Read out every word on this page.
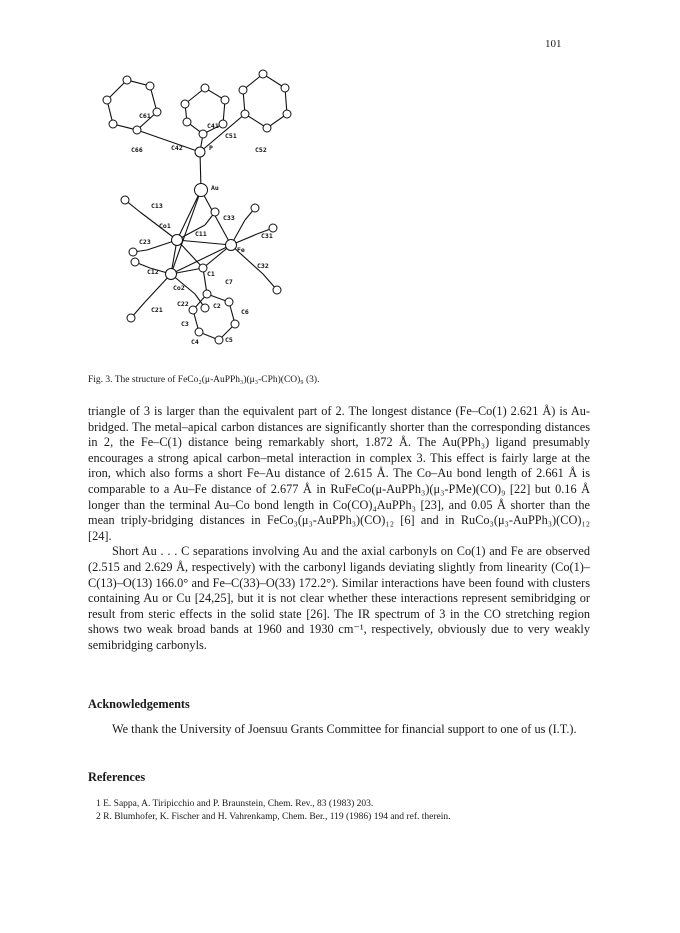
101
C61
C41
C51
C66	C42	P	C52
Au
C13
C33
Co1
C11	C31
C23
Fe
C12	C1
C32
C7
Co2
C21
C22	C2
C6
C3
C4	C5
Fig. 3. The structure of FeCo₂(μ-AuPPh₃)(μ₃-CPh)(CO)₉ (3).

triangle of 3 is larger than the equivalent part of 2. The longest distance (Fe–Co(1) 2.621 Å) is Au-bridged. The metal–apical carbon distances are significantly shorter than the corresponding distances in 2, the Fe–C(1) distance being remarkably short, 1.872 Å. The Au(PPh₃) ligand presumably encourages a strong apical carbon–metal interaction in complex 3. This effect is fairly large at the iron, which also forms a short Fe–Au distance of 2.615 Å. The Co–Au bond length of 2.661 Å is comparable to a Au–Fe distance of 2.677 Å in RuFeCo(μ-AuPPh₃)(μ₃-PMe)(CO)₉ [22] but 0.16 Å longer than the terminal Au–Co bond length in Co(CO)₄AuPPh₃ [23], and 0.05 Å shorter than the mean triply-bridging distances in FeCo₃(μ₃-AuPPh₃)(CO)₁₂ [6] and in RuCo₃(μ₃-AuPPh₃)(CO)₁₂ [24].

Short Au . . . C separations involving Au and the axial carbonyls on Co(1) and Fe are observed (2.515 and 2.629 Å, respectively) with the carbonyl ligands deviating slightly from linearity (Co(1)–C(13)–O(13) 166.0° and Fe–C(33)–O(33) 172.2°). Similar interactions have been found with clusters containing Au or Cu [24,25], but it is not clear whether these interactions represent semibridging or result from steric effects in the solid state [26]. The IR spectrum of 3 in the CO stretching region shows two weak broad bands at 1960 and 1930 cm⁻¹, respectively, obviously due to very weakly semibridging carbonyls.

Acknowledgements
We thank the University of Joensuu Grants Committee for financial support to one of us (I.T.).
References

1 E. Sappa, A. Tiripicchio and P. Braunstein, Chem. Rev., 83 (1983) 203.

2 R. Blumhofer, K. Fischer and H. Vahrenkamp, Chem. Ber., 119 (1986) 194 and ref. therein.
